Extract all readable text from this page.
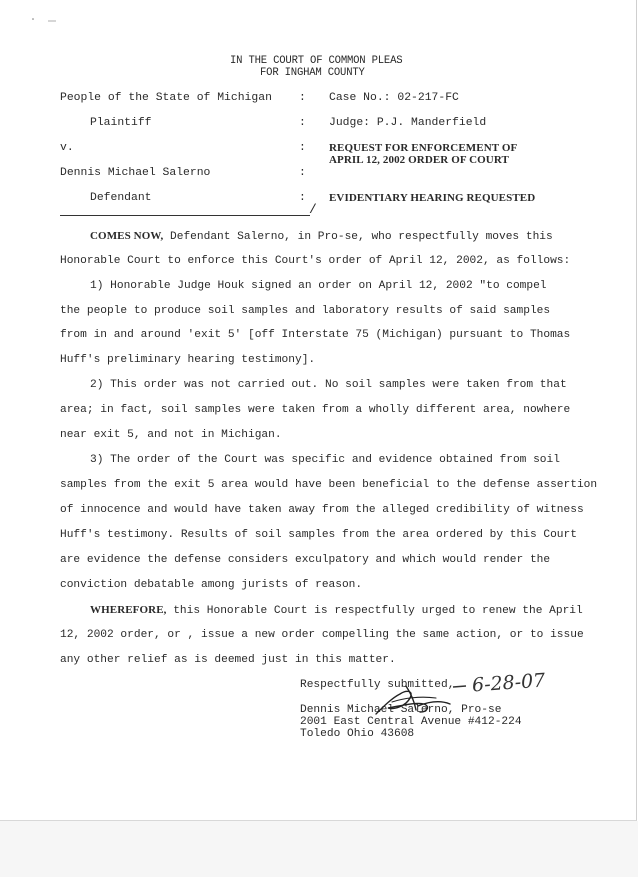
IN THE COURT OF COMMON PLEAS
FOR INGHAM COUNTY
People of the State of Michigan
Plaintiff
v.
Dennis Michael Salerno
Defendant
:
:
:
:
:
Case No.: 02-217-FC
Judge: P.J. Manderfield
REQUEST FOR ENFORCEMENT OF
APRIL 12, 2002 ORDER OF COURT
EVIDENTIARY HEARING REQUESTED
/
COMES NOW, Defendant Salerno, in Pro-se, who respectfully moves this
Honorable Court to enforce this Court's order of April 12, 2002, as follows:
1) Honorable Judge Houk signed an order on April 12, 2002 "to compel
the people to produce soil samples and laboratory results of said samples
from in and around 'exit 5' [off Interstate 75 (Michigan) pursuant to Thomas
Huff's preliminary hearing testimony].
2) This order was not carried out. No soil samples were taken from that
area; in fact, soil samples were taken from a wholly different area, nowhere
near exit 5, and not in Michigan.
3) The order of the Court was specific and evidence obtained from soil
samples from the exit 5 area would have been beneficial to the defense assertion
of innocence and would have taken away from the alleged credibility of witness
Huff's testimony. Results of soil samples from the area ordered by this Court
are evidence the defense considers exculpatory and which would render the
conviction debatable among jurists of reason.
WHEREFORE, this Honorable Court is respectfully urged to renew the April
12, 2002 order, or , issue a new order compelling the same action, or to issue
any other relief as is deemed just in this matter.
Respectfully submitted,
Dennis Michael Salerno, Pro-se
2001 East Central Avenue #412-224
Toledo Ohio 43608
6-28-07
